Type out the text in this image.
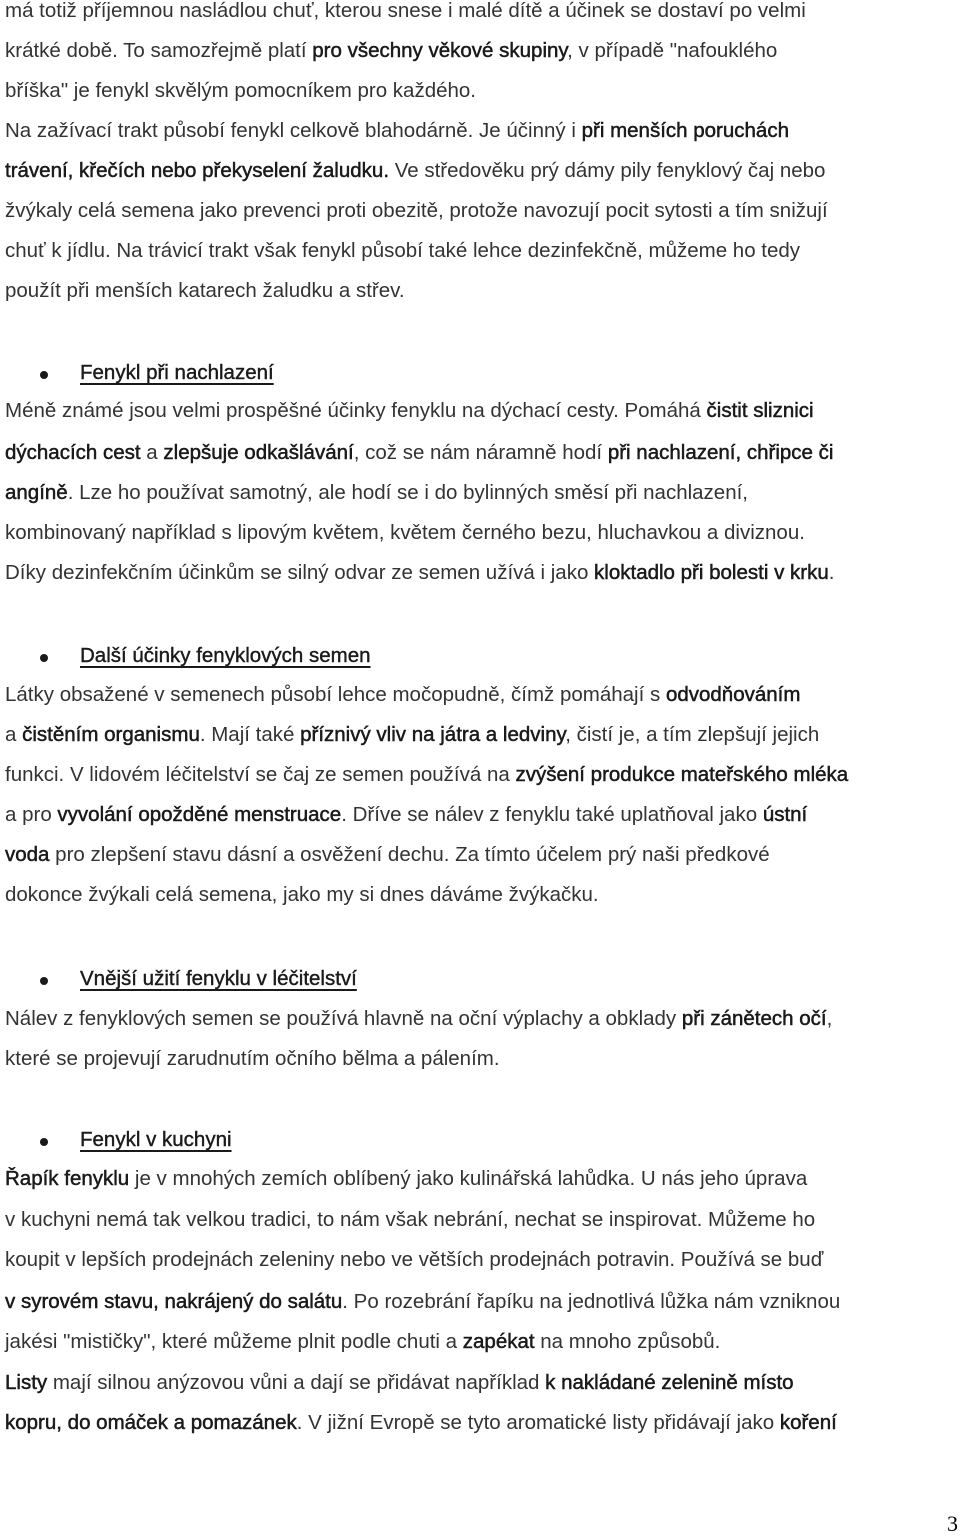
má totiž příjemnou nasládlou chuť, kterou snese i malé dítě a účinek se dostaví po velmi
krátké době. To samozřejmě platí pro všechny věkové skupiny, v případě "nafouklého
bříška" je fenykl skvělým pomocníkem pro každého.
Na zažívací trakt působí fenykl celkově blahodárně. Je účinný i při menších poruchách
trávení, křečích nebo překyselení žaludku. Ve středověku prý dámy pily fenyklový čaj nebo
žvýkaly celá semena jako prevenci proti obezitě, protože navozují pocit sytosti a tím snižují
chuť k jídlu. Na trávicí trakt však fenykl působí také lehce dezinfekčně, můžeme ho tedy
použít při menších katarech žaludku a střev.
Méně známé jsou velmi prospěšné účinky fenyklu na dýchací cesty. Pomáhá čistit sliznici
dýchacích cest a zlepšuje odkašlávání, což se nám náramně hodí při nachlazení, chřipce či
angíně. Lze ho používat samotný, ale hodí se i do bylinných směsí při nachlazení,
kombinovaný například s lipovým květem, květem černého bezu, hluchavkou a diviznou.
Díky dezinfekčním účinkům se silný odvar ze semen užívá i jako kloktadlo při bolesti v krku.
Látky obsažené v semenech působí lehce močopudně, čímž pomáhají s odvodňováním
a čistěním organismu. Mají také příznivý vliv na játra a ledviny, čistí je, a tím zlepšují jejich
funkci. V lidovém léčitelství se čaj ze semen používá na zvýšení produkce mateřského mléka
a pro vyvolání opožděné menstruace. Dříve se nálev z fenyklu také uplatňoval jako ústní
voda pro zlepšení stavu dásní a osvěžení dechu. Za tímto účelem prý naši předkové
dokonce žvýkali celá semena, jako my si dnes dáváme žvýkačku.
Nálev z fenyklových semen se používá hlavně na oční výplachy a obklady při zánětech očí,
které se projevují zarudnutím očního bělma a pálením.
Řapík fenyklu je v mnohých zemích oblíbený jako kulinářská lahůdka. U nás jeho úprava
v kuchyni nemá tak velkou tradici, to nám však nebrání, nechat se inspirovat. Můžeme ho
koupit v lepších prodejnách zeleniny nebo ve větších prodejnách potravin. Používá se buď
v syrovém stavu, nakrájený do salátu. Po rozebrání řapíku na jednotlivá lůžka nám vzniknou
jakési "mističky", které můžeme plnit podle chuti a zapékat na mnoho způsobů.
Listy mají silnou anýzovou vůni a dají se přidávat například k nakládané zelenině místo
kopru, do omáček a pomazánek. V jižní Evropě se tyto aromatické listy přidávají jako koření
Fenykl při nachlazení
Další účinky fenyklových semen
Vnější užití fenyklu v léčitelství
Fenykl v kuchyni
3
